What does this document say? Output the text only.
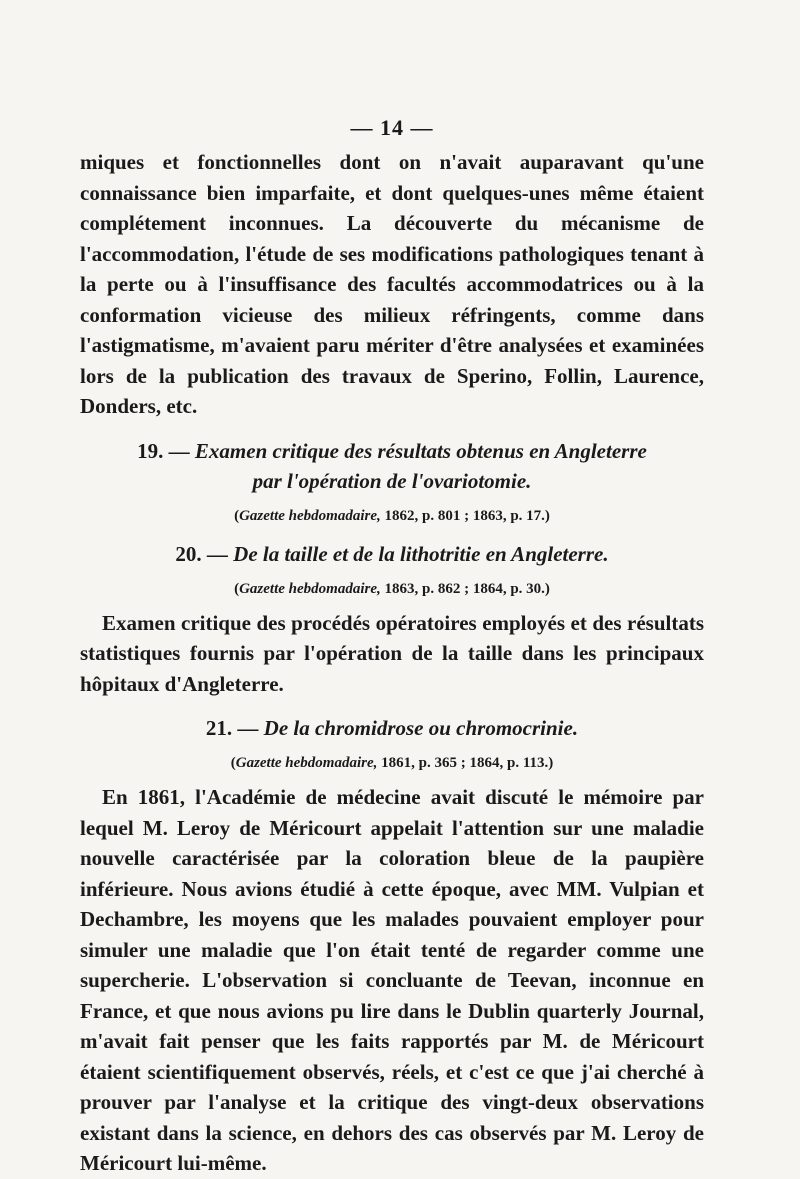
— 14 —

miques et fonctionnelles dont on n'avait auparavant qu'une connaissance bien imparfaite, et dont quelques-unes même étaient complétement inconnues. La découverte du mécanisme de l'accommodation, l'étude de ses modifications pathologiques tenant à la perte ou à l'insuffisance des facultés accommodatrices ou à la conformation vicieuse des milieux réfringents, comme dans l'astigmatisme, m'avaient paru mériter d'être analysées et examinées lors de la publication des travaux de Sperino, Follin, Laurence, Donders, etc.

19. — Examen critique des résultats obtenus en Angleterre
par l'opération de l'ovariotomie.
(Gazette hebdomadaire, 1862, p. 801 ; 1863, p. 17.)
20. — De la taille et de la lithotritie en Angleterre.
(Gazette hebdomadaire, 1863, p. 862 ; 1864, p. 30.)

Examen critique des procédés opératoires employés et des résultats statistiques fournis par l'opération de la taille dans les principaux hôpitaux d'Angleterre.

21. — De la chromidrose ou chromocrinie.
(Gazette hebdomadaire, 1861, p. 365 ; 1864, p. 113.)

En 1861, l'Académie de médecine avait discuté le mémoire par lequel M. Leroy de Méricourt appelait l'attention sur une maladie nouvelle caractérisée par la coloration bleue de la paupière inférieure. Nous avions étudié à cette époque, avec MM. Vulpian et Dechambre, les moyens que les malades pouvaient employer pour simuler une maladie que l'on était tenté de regarder comme une supercherie. L'observation si concluante de Teevan, inconnue en France, et que nous avions pu lire dans le Dublin quarterly Journal, m'avait fait penser que les faits rapportés par M. de Méricourt étaient scientifiquement observés, réels, et c'est ce que j'ai cherché à prouver par l'analyse et la critique des vingt-deux observations existant dans la science, en dehors des cas observés par M. Leroy de Méricourt lui-même.
